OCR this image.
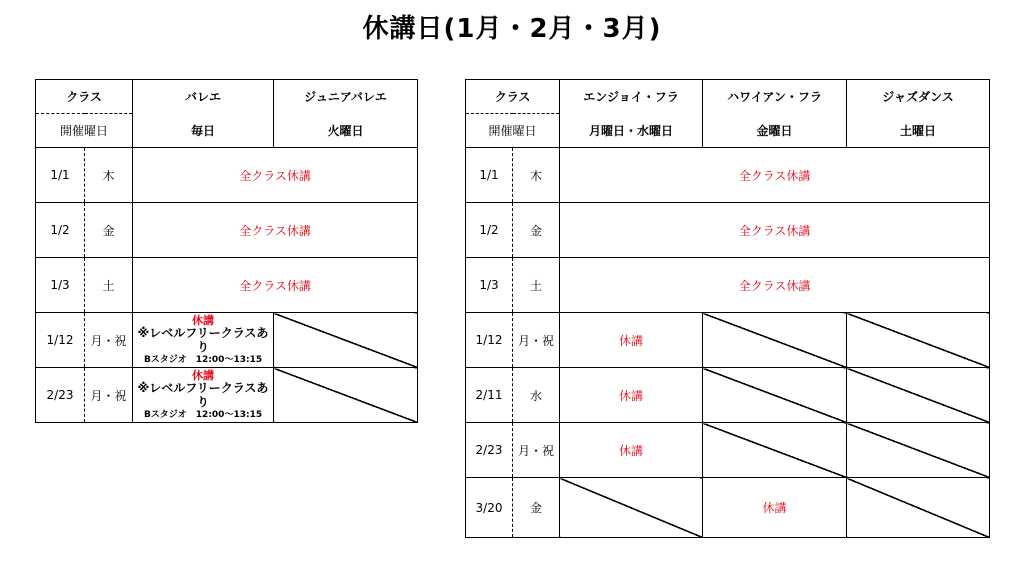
休講日(1月・2月・3月)
クラス		バレエ	ジュニアバレエ
開催曜日		毎日	火曜日
1/1	木	全クラス休講	
1/2	金	全クラス休講	
1/3	土	全クラス休講	
1/12	月・祝	休講
※レベルフリークラスあり
Bスタジオ　12:00～13:15	

2/23	月・祝	休講
※レベルフリークラスあり
Bスタジオ　12:00～13:15	

クラス		エンジョイ・フラ	ハワイアン・フラ	ジャズダンス
開催曜日		月曜日・水曜日	金曜日	土曜日
1/1	木	全クラス休講		
1/2	金	全クラス休講		
1/3	土	全クラス休講		
1/12	月・祝	休講		
2/11	水	休講		
2/23	月・祝	休講		
3/20	金		休講	
